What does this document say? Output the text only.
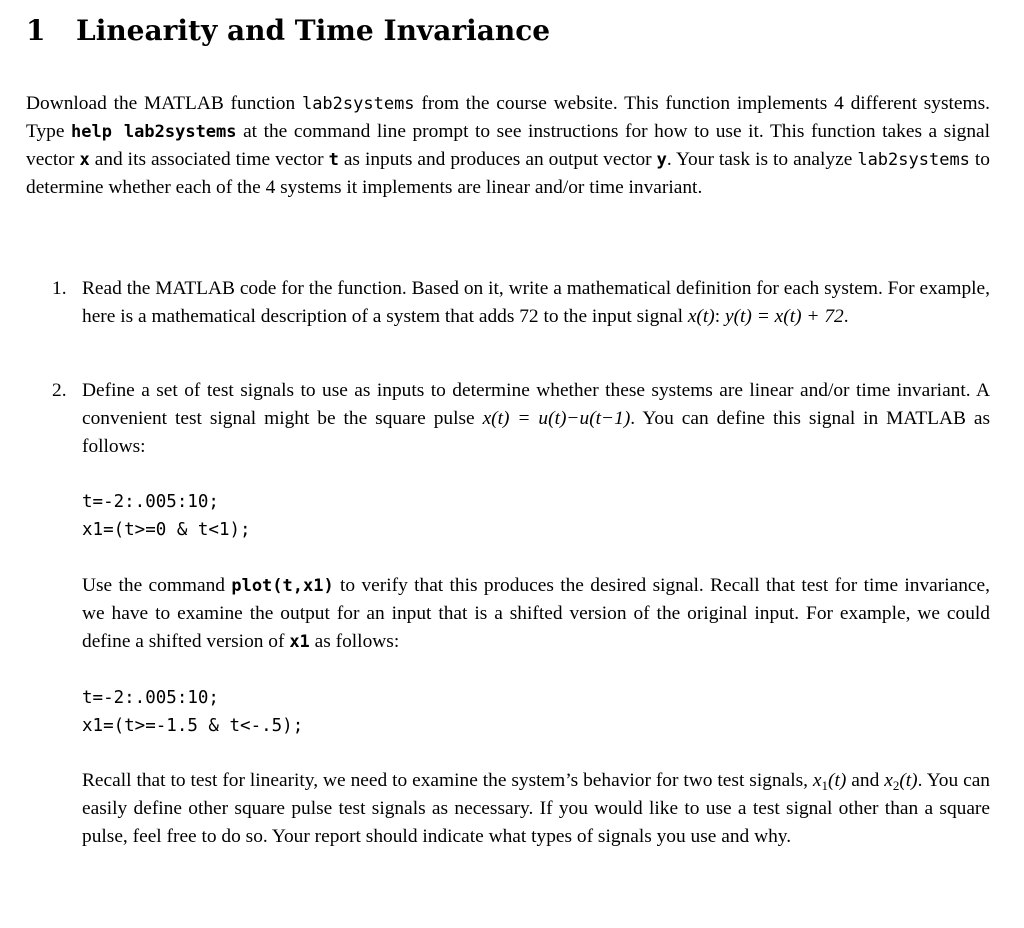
1 Linearity and Time Invariance
Download the MATLAB function lab2systems from the course website. This function implements 4 different systems. Type help lab2systems at the command line prompt to see instructions for how to use it. This function takes a signal vector x and its associated time vector t as inputs and produces an output vector y. Your task is to analyze lab2systems to determine whether each of the 4 systems it implements are linear and/or time invariant.
1. Read the MATLAB code for the function. Based on it, write a mathematical definition for each system. For example, here is a mathematical description of a system that adds 72 to the input signal x(t): y(t) = x(t) + 72.
2. Define a set of test signals to use as inputs to determine whether these systems are linear and/or time invariant. A convenient test signal might be the square pulse x(t) = u(t)−u(t−1). You can define this signal in MATLAB as follows:
t=-2:.005:10;
x1=(t>=0 & t<1);
Use the command plot(t,x1) to verify that this produces the desired signal. Recall that test for time invariance, we have to examine the output for an input that is a shifted version of the original input. For example, we could define a shifted version of x1 as follows:
t=-2:.005:10;
x1=(t>=-1.5 & t<-.5);
Recall that to test for linearity, we need to examine the system’s behavior for two test signals, $x_1(t)$ and $x_2(t)$. You can easily define other square pulse test signals as necessary. If you would like to use a test signal other than a square pulse, feel free to do so. Your report should indicate what types of signals you use and why.
